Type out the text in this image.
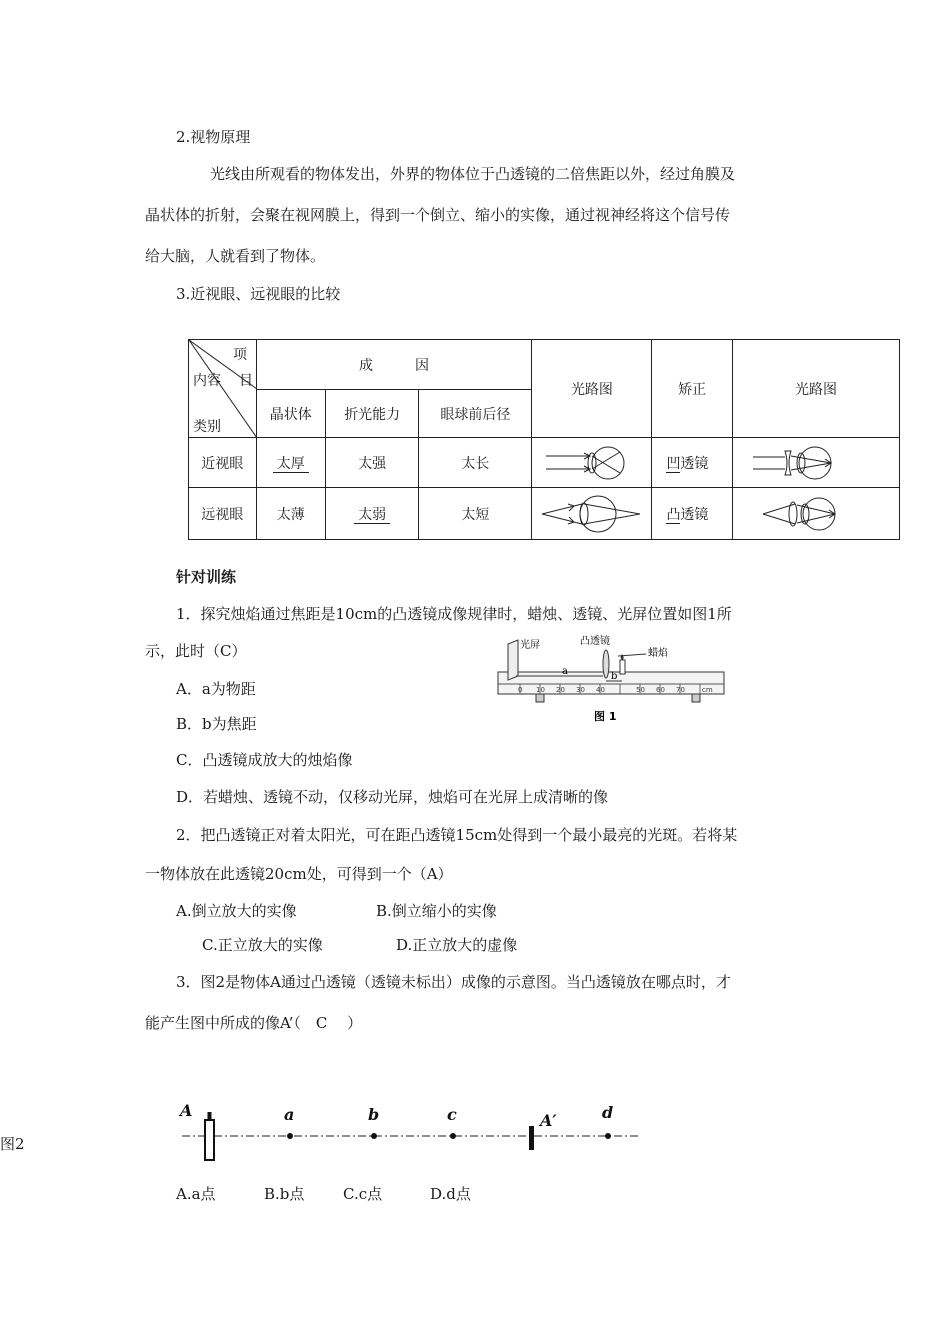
2.视物原理
光线由所观看的物体发出，外界的物体位于凸透镜的二倍焦距以外，经过角膜及
晶状体的折射，会聚在视网膜上，得到一个倒立、缩小的实像，通过视神经将这个信号传
给大脑，人就看到了物体。
3.近视眼、远视眼的比较
项
目
内容
类别	成　　　因			光路图	矫正	光路图
	晶状体	折光能力	眼球前后径			
近视眼	太厚	太强	太长		凹透镜	

远视眼	太薄	太弱	太短		凸透镜	
针对训练
1．探究烛焰通过焦距是10cm的凸透镜成像规律时，蜡烛、透镜、光屏位置如图1所
示，此时（C）
A．a为物距
B．b为焦距
C．凸透镜成放大的烛焰像
D．若蜡烛、透镜不动，仅移动光屏，烛焰可在光屏上成清晰的像
光屏	凸透镜
蜡焰
a	b
0 10 20 30 40	50 60 70 cm
图 1
2．把凸透镜正对着太阳光，可在距凸透镜15cm处得到一个最小最亮的光斑。若将某
一物体放在此透镜20cm处，可得到一个（A）
A.倒立放大的实像	B.倒立缩小的实像
C.正立放大的实像	D.正立放大的虚像
3．图2是物体A通过凸透镜（透镜未标出）成像的示意图。当凸透镜放在哪点时，才
能产生图中所成的像A’（　C　 ）
图2
A	a	b	c	A′	d
A.a点	B.b点	C.c点	D.d点
